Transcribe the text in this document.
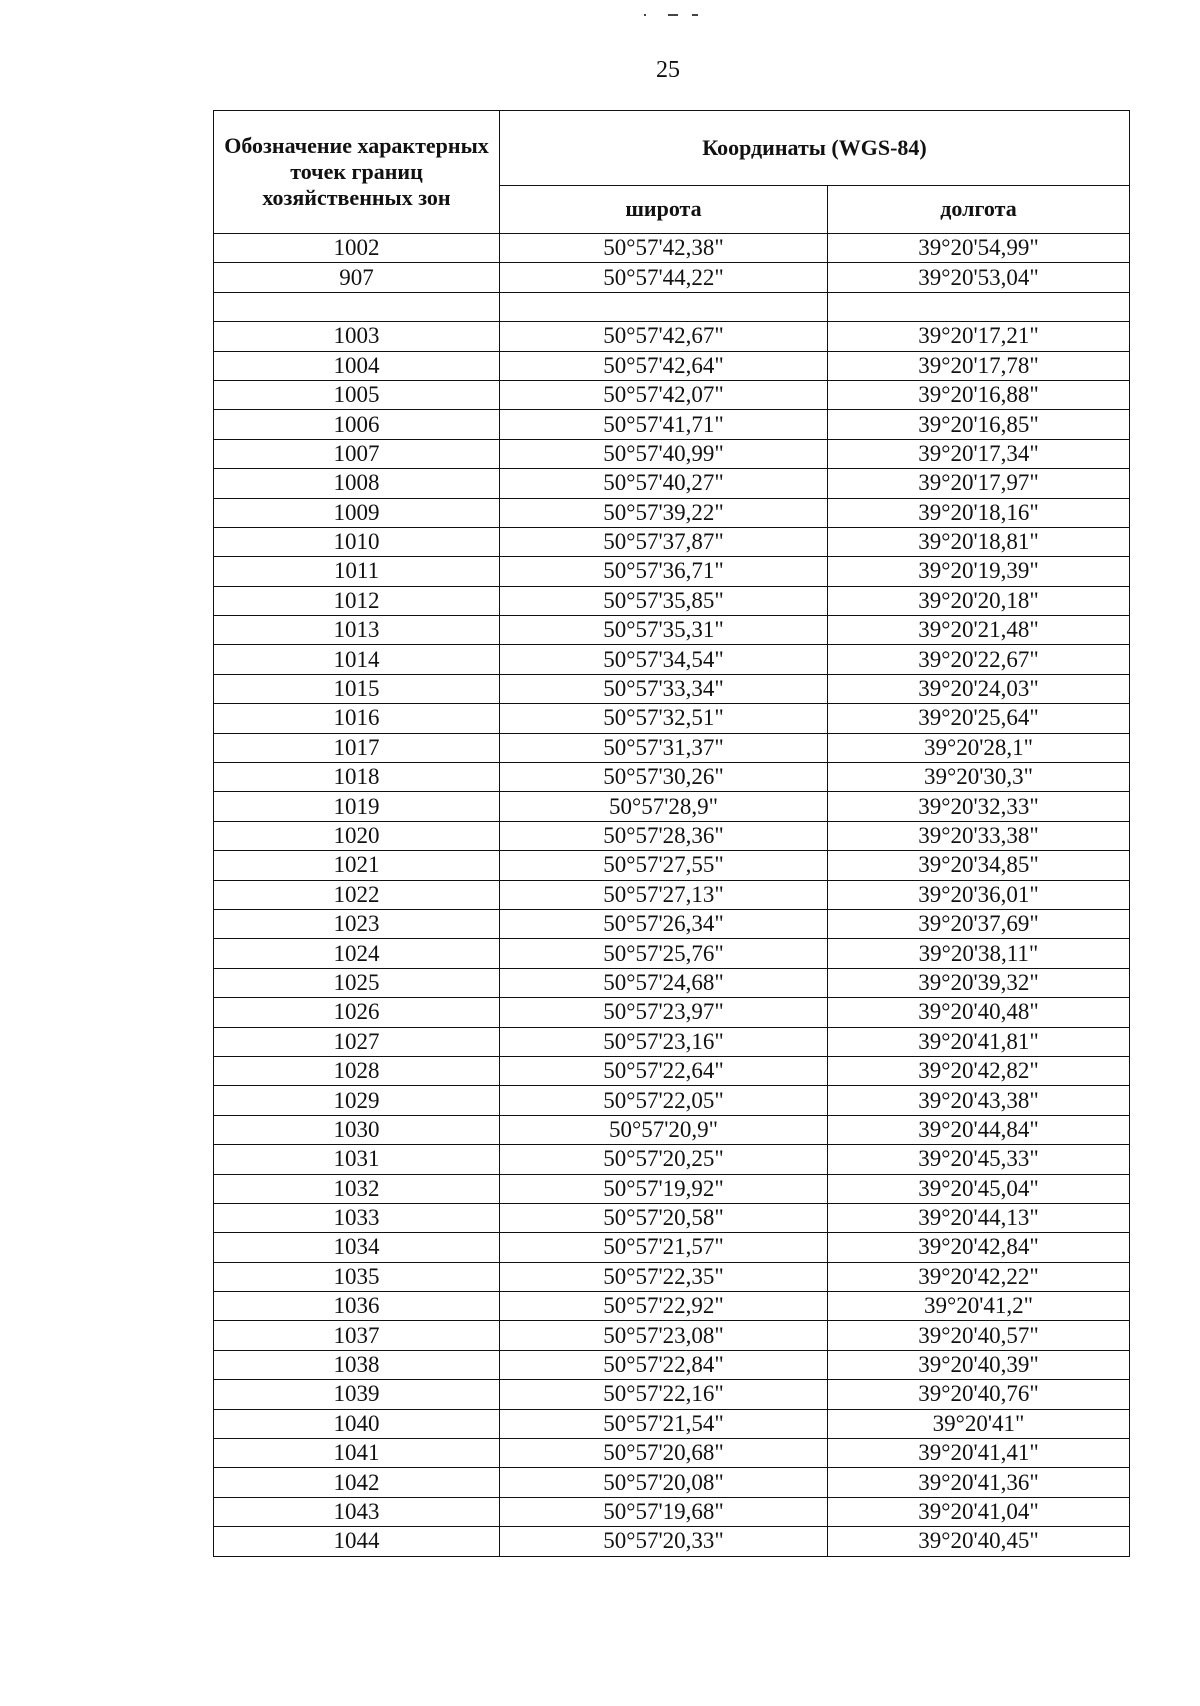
25
Обозначение характерных точек границ хозяйственных зон	Координаты (WGS-84)	
	широта	долгота
1002	50°57'42,38"	39°20'54,99"
907	50°57'44,22"	39°20'53,04"

1003	50°57'42,67"	39°20'17,21"
1004	50°57'42,64"	39°20'17,78"
1005	50°57'42,07"	39°20'16,88"
1006	50°57'41,71"	39°20'16,85"
1007	50°57'40,99"	39°20'17,34"
1008	50°57'40,27"	39°20'17,97"
1009	50°57'39,22"	39°20'18,16"
1010	50°57'37,87"	39°20'18,81"
1011	50°57'36,71"	39°20'19,39"
1012	50°57'35,85"	39°20'20,18"
1013	50°57'35,31"	39°20'21,48"
1014	50°57'34,54"	39°20'22,67"
1015	50°57'33,34"	39°20'24,03"
1016	50°57'32,51"	39°20'25,64"
1017	50°57'31,37"	39°20'28,1"
1018	50°57'30,26"	39°20'30,3"
1019	50°57'28,9"	39°20'32,33"
1020	50°57'28,36"	39°20'33,38"
1021	50°57'27,55"	39°20'34,85"
1022	50°57'27,13"	39°20'36,01"
1023	50°57'26,34"	39°20'37,69"
1024	50°57'25,76"	39°20'38,11"
1025	50°57'24,68"	39°20'39,32"
1026	50°57'23,97"	39°20'40,48"
1027	50°57'23,16"	39°20'41,81"
1028	50°57'22,64"	39°20'42,82"
1029	50°57'22,05"	39°20'43,38"
1030	50°57'20,9"	39°20'44,84"
1031	50°57'20,25"	39°20'45,33"
1032	50°57'19,92"	39°20'45,04"
1033	50°57'20,58"	39°20'44,13"
1034	50°57'21,57"	39°20'42,84"
1035	50°57'22,35"	39°20'42,22"
1036	50°57'22,92"	39°20'41,2"
1037	50°57'23,08"	39°20'40,57"
1038	50°57'22,84"	39°20'40,39"
1039	50°57'22,16"	39°20'40,76"
1040	50°57'21,54"	39°20'41"
1041	50°57'20,68"	39°20'41,41"
1042	50°57'20,08"	39°20'41,36"
1043	50°57'19,68"	39°20'41,04"
1044	50°57'20,33"	39°20'40,45"
